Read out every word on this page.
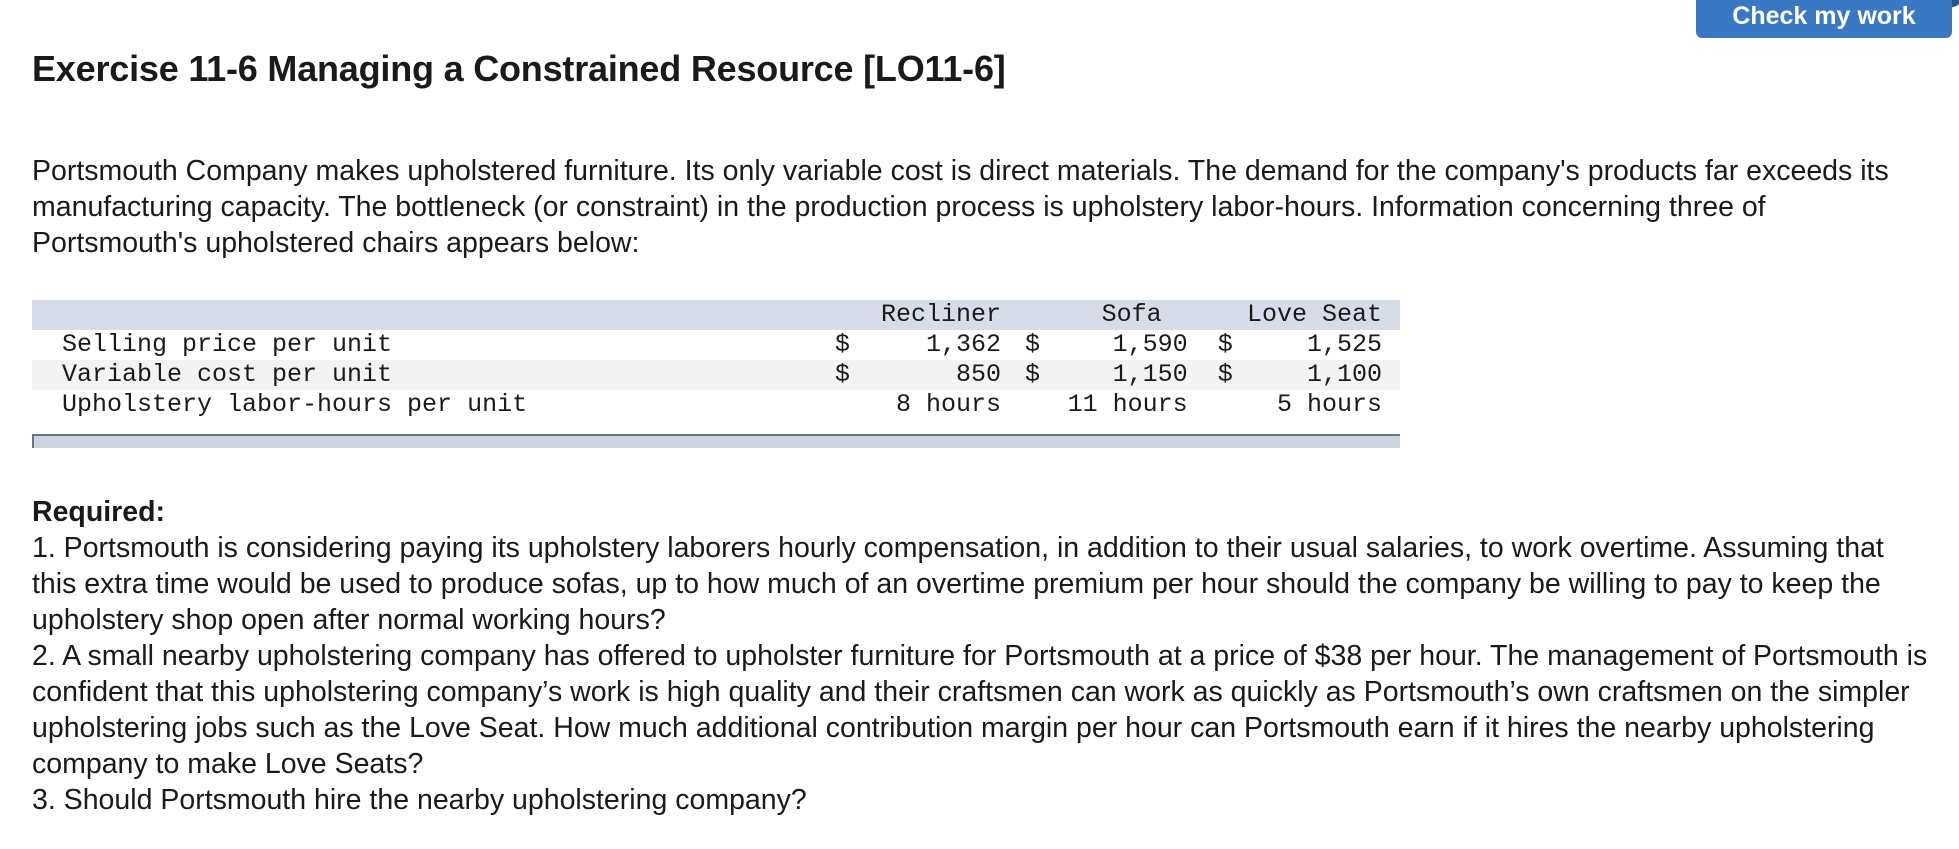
Check my work
Exercise 11-6 Managing a Constrained Resource [LO11-6]

Portsmouth Company makes upholstered furniture. Its only variable cost is direct materials. The demand for the company's products far exceeds its manufacturing capacity. The bottleneck (or constraint) in the production process is upholstery labor-hours. Information concerning three of Portsmouth's upholstered chairs appears below:

		Recliner		Sofa		Love Seat
Selling price per unit	$	1,362	$	1,590	$	1,525
Variable cost per unit	$	850	$	1,150	$	1,100
Upholstery labor-hours per unit		8 hours		11 hours		5 hours

Required:

1. Portsmouth is considering paying its upholstery laborers hourly compensation, in addition to their usual salaries, to work overtime. Assuming that this extra time would be used to produce sofas, up to how much of an overtime premium per hour should the company be willing to pay to keep the upholstery shop open after normal working hours?

2. A small nearby upholstering company has offered to upholster furniture for Portsmouth at a price of $38 per hour. The management of Portsmouth is confident that this upholstering company’s work is high quality and their craftsmen can work as quickly as Portsmouth’s own craftsmen on the simpler upholstering jobs such as the Love Seat. How much additional contribution margin per hour can Portsmouth earn if it hires the nearby upholstering company to make Love Seats?

3. Should Portsmouth hire the nearby upholstering company?
